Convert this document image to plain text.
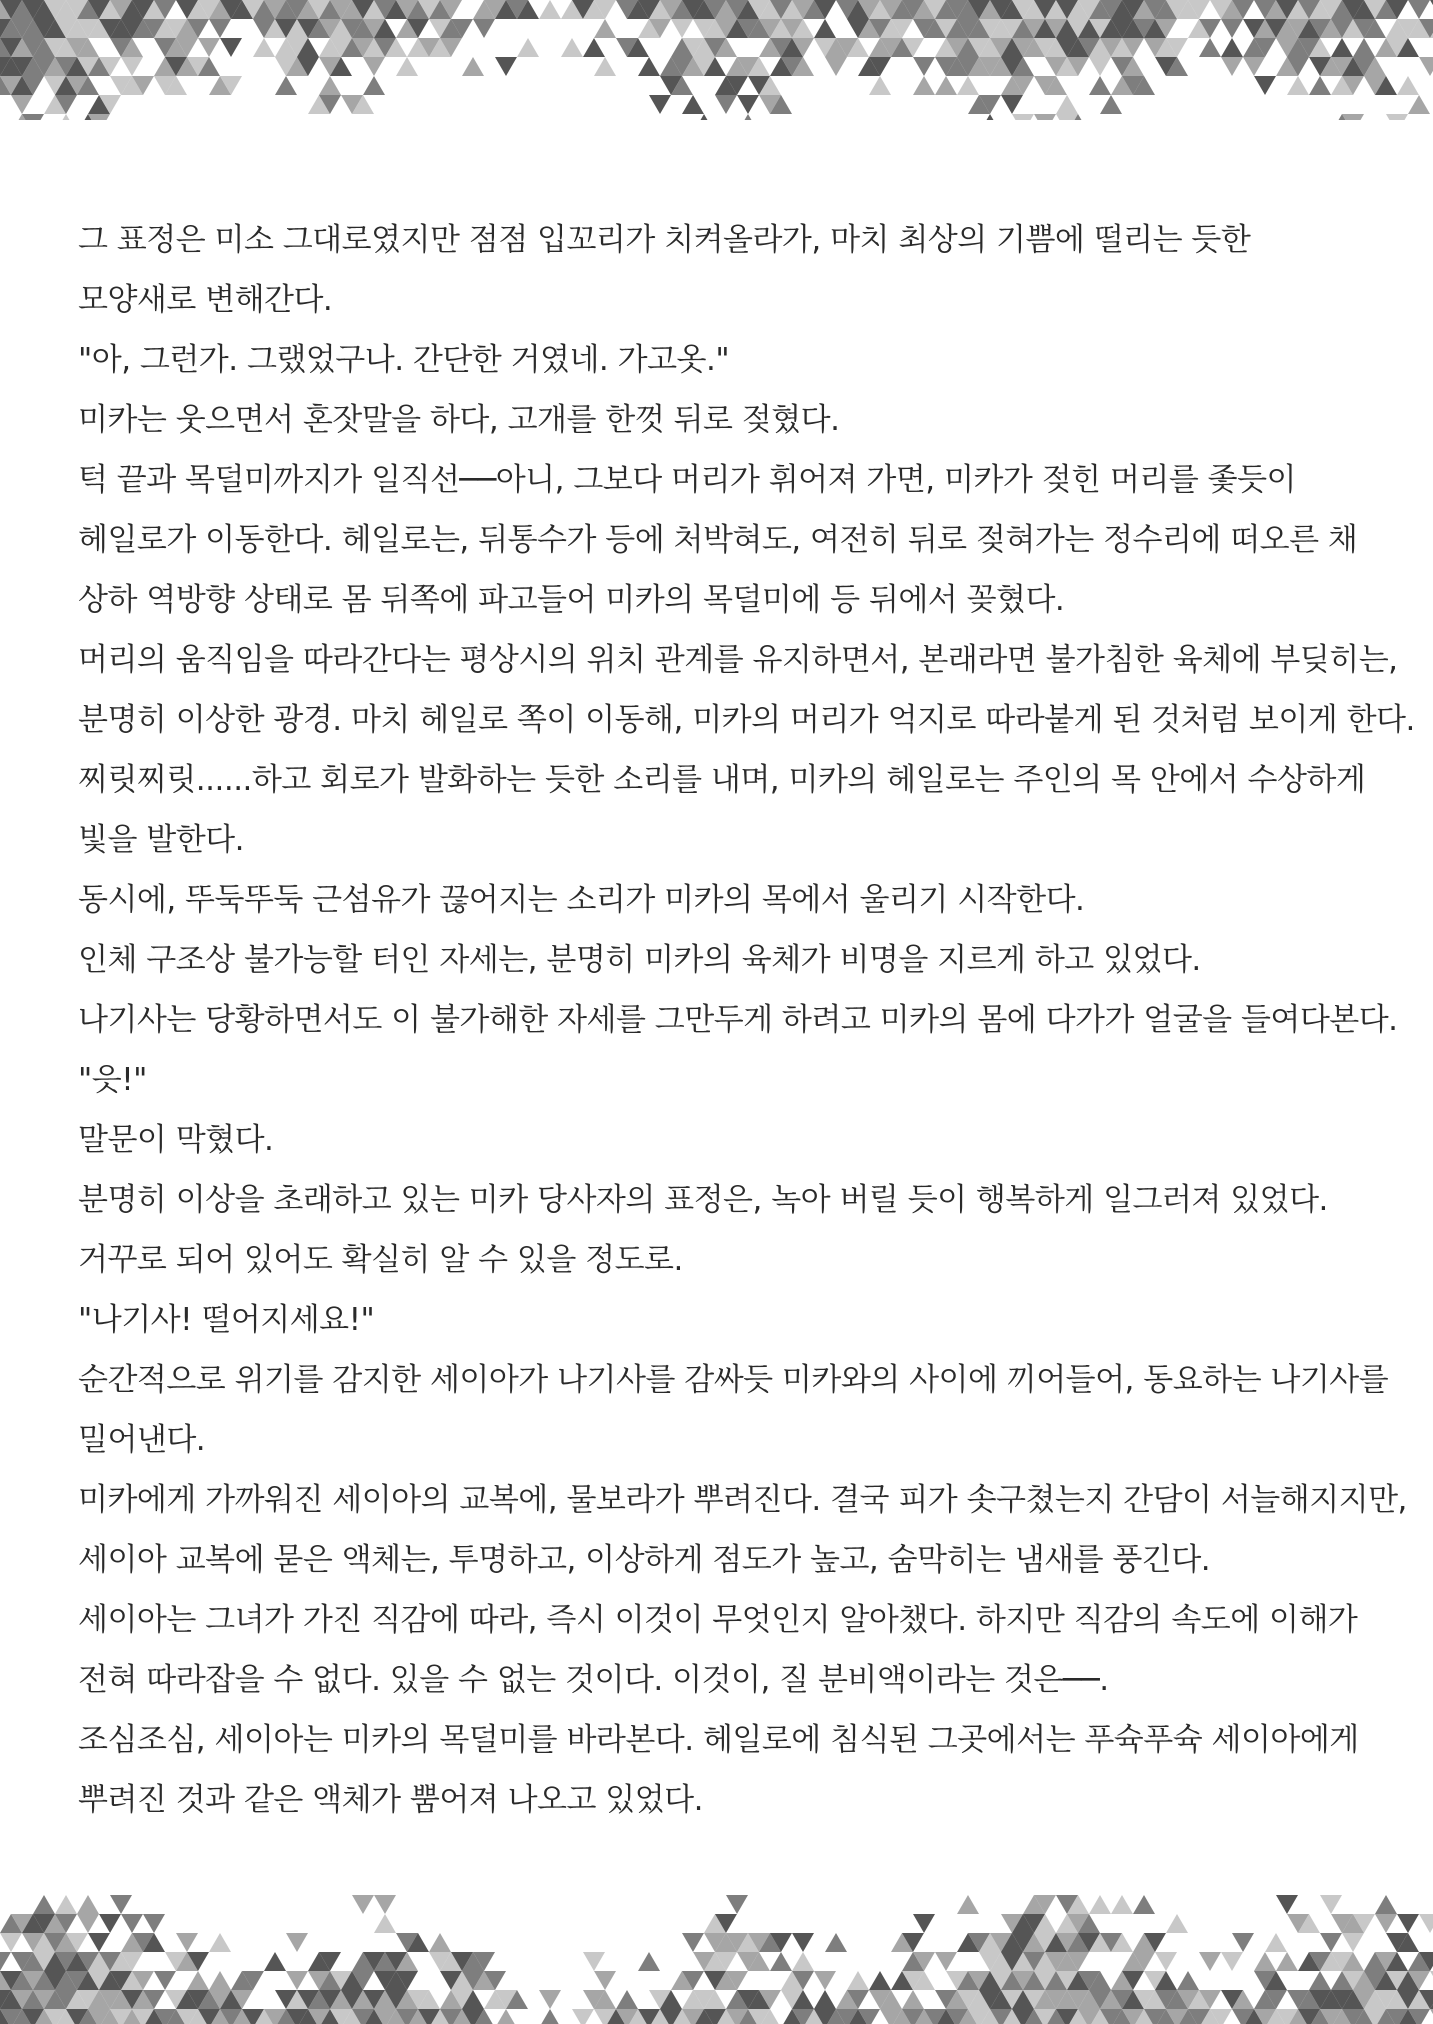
그 표정은 미소 그대로였지만 점점 입꼬리가 치켜올라가, 마치 최상의 기쁨에 떨리는 듯한

모양새로 변해간다.

"아, 그런가. 그랬었구나. 간단한 거였네. 가고옷."

미카는 웃으면서 혼잣말을 하다, 고개를 한껏 뒤로 젖혔다.

턱 끝과 목덜미까지가 일직선──아니, 그보다 머리가 휘어져 가면, 미카가 젖힌 머리를 좇듯이

헤일로가 이동한다. 헤일로는, 뒤통수가 등에 처박혀도, 여전히 뒤로 젖혀가는 정수리에 떠오른 채

상하 역방향 상태로 몸 뒤쪽에 파고들어 미카의 목덜미에 등 뒤에서 꽂혔다.

머리의 움직임을 따라간다는 평상시의 위치 관계를 유지하면서, 본래라면 불가침한 육체에 부딪히는,

분명히 이상한 광경. 마치 헤일로 쪽이 이동해, 미카의 머리가 억지로 따라붙게 된 것처럼 보이게 한다.

찌릿찌릿......하고 회로가 발화하는 듯한 소리를 내며, 미카의 헤일로는 주인의 목 안에서 수상하게

빛을 발한다.

동시에, 뚜둑뚜둑 근섬유가 끊어지는 소리가 미카의 목에서 울리기 시작한다.

인체 구조상 불가능할 터인 자세는, 분명히 미카의 육체가 비명을 지르게 하고 있었다.

나기사는 당황하면서도 이 불가해한 자세를 그만두게 하려고 미카의 몸에 다가가 얼굴을 들여다본다.

"읏!"

말문이 막혔다.

분명히 이상을 초래하고 있는 미카 당사자의 표정은, 녹아 버릴 듯이 행복하게 일그러져 있었다.

거꾸로 되어 있어도 확실히 알 수 있을 정도로.

"나기사! 떨어지세요!"

순간적으로 위기를 감지한 세이아가 나기사를 감싸듯 미카와의 사이에 끼어들어, 동요하는 나기사를

밀어낸다.

미카에게 가까워진 세이아의 교복에, 물보라가 뿌려진다. 결국 피가 솟구쳤는지 간담이 서늘해지지만,

세이아 교복에 묻은 액체는, 투명하고, 이상하게 점도가 높고, 숨막히는 냄새를 풍긴다.

세이아는 그녀가 가진 직감에 따라, 즉시 이것이 무엇인지 알아챘다. 하지만 직감의 속도에 이해가

전혀 따라잡을 수 없다. 있을 수 없는 것이다. 이것이, 질 분비액이라는 것은──.

조심조심, 세이아는 미카의 목덜미를 바라본다. 헤일로에 침식된 그곳에서는 푸슉푸슉 세이아에게

뿌려진 것과 같은 액체가 뿜어져 나오고 있었다.
